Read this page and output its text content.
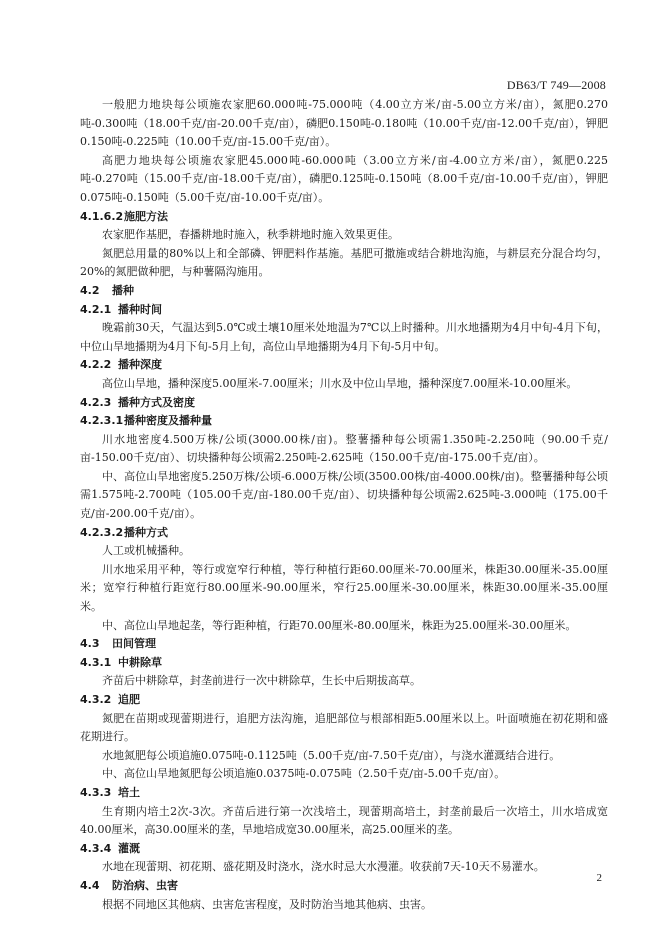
DB63/T 749—2008

一般肥力地块每公顷施农家肥60.000吨-75.000吨（4.00立方米/亩-5.00立方米/亩），氮肥0.270吨-0.300吨（18.00千克/亩-20.00千克/亩），磷肥0.150吨-0.180吨（10.00千克/亩-12.00千克/亩），钾肥0.150吨-0.225吨（10.00千克/亩-15.00千克/亩）。

高肥力地块每公顷施农家肥45.000吨-60.000吨（3.00立方米/亩-4.00立方米/亩），氮肥0.225吨-0.270吨（15.00千克/亩-18.00千克/亩），磷肥0.125吨-0.150吨（8.00千克/亩-10.00千克/亩），钾肥0.075吨-0.150吨（5.00千克/亩-10.00千克/亩）。

4.1.6.2施肥方法

农家肥作基肥，春播耕地时施入，秋季耕地时施入效果更佳。

氮肥总用量的80%以上和全部磷、钾肥料作基施。基肥可撒施或结合耕地沟施，与耕层充分混合均匀，20%的氮肥做种肥，与种薯隔沟施用。

4.2 播种
4.2.1 播种时间

晚霜前30天，气温达到5.0℃或土壤10厘米处地温为7℃以上时播种。川水地播期为4月中旬-4月下旬，中位山旱地播期为4月下旬-5月上旬，高位山旱地播期为4月下旬-5月中旬。

4.2.2 播种深度

高位山旱地，播种深度5.00厘米-7.00厘米；川水及中位山旱地，播种深度7.00厘米-10.00厘米。

4.2.3 播种方式及密度
4.2.3.1播种密度及播种量

川水地密度4.500万株/公顷(3000.00株/亩)。整薯播种每公顷需1.350吨-2.250吨（90.00千克/亩-150.00千克/亩）、切块播种每公顷需2.250吨-2.625吨（150.00千克/亩-175.00千克/亩）。

中、高位山旱地密度5.250万株/公顷-6.000万株/公顷(3500.00株/亩-4000.00株/亩)。整薯播种每公顷需1.575吨-2.700吨（105.00千克/亩-180.00千克/亩）、切块播种每公顷需2.625吨-3.000吨（175.00千克/亩-200.00千克/亩）。

4.2.3.2播种方式

人工或机械播种。

川水地采用平种，等行或宽窄行种植，等行种植行距60.00厘米-70.00厘米，株距30.00厘米-35.00厘米；宽窄行种植行距宽行80.00厘米-90.00厘米，窄行25.00厘米-30.00厘米，株距30.00厘米-35.00厘米。

中、高位山旱地起垄，等行距种植，行距70.00厘米-80.00厘米，株距为25.00厘米-30.00厘米。

4.3 田间管理
4.3.1 中耕除草

齐苗后中耕除草，封垄前进行一次中耕除草，生长中后期拔高草。

4.3.2 追肥

氮肥在苗期或现蕾期进行，追肥方法沟施，追肥部位与根部相距5.00厘米以上。叶面喷施在初花期和盛花期进行。

水地氮肥每公顷追施0.075吨-0.1125吨（5.00千克/亩-7.50千克/亩），与浇水灌溉结合进行。

中、高位山旱地氮肥每公顷追施0.0375吨-0.075吨（2.50千克/亩-5.00千克/亩）。

4.3.3 培土

生育期内培土2次-3次。齐苗后进行第一次浅培土，现蕾期高培土，封垄前最后一次培土，川水培成宽40.00厘米，高30.00厘米的垄，旱地培成宽30.00厘米，高25.00厘米的垄。

4.3.4 灌溉

水地在现蕾期、初花期、盛花期及时浇水，浇水时忌大水漫灌。收获前7天-10天不易灌水。

4.4 防治病、虫害

根据不同地区其他病、虫害危害程度，及时防治当地其他病、虫害。

2
